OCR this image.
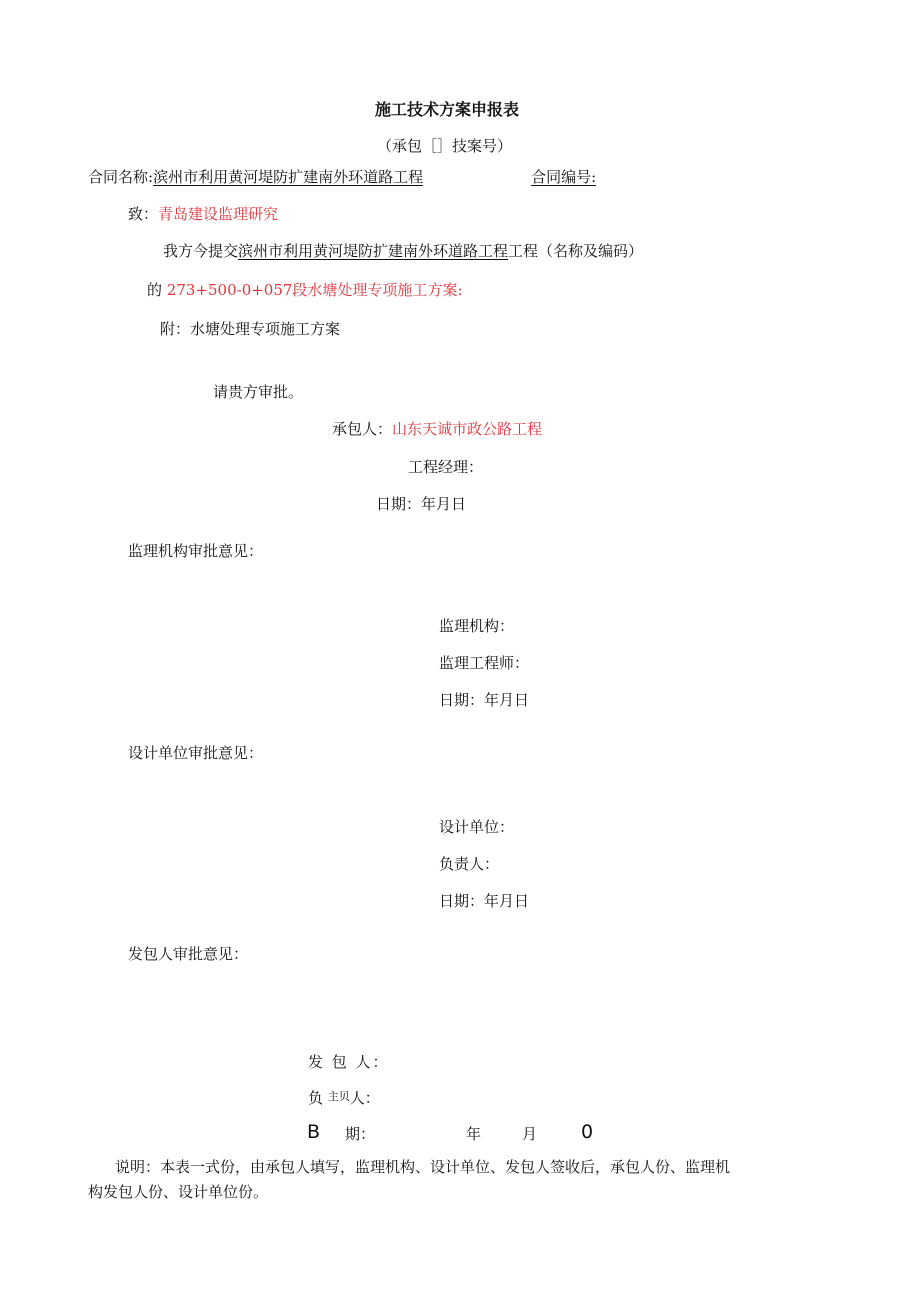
施工技术方案申报表
（承包［］技案号）
合同名称:滨州市利用黄河堤防扩建南外环道路工程	合同编号:
致：青岛建设监理研究
我方今提交滨州市利用黄河堤防扩建南外环道路工程工程（名称及编码）
的 273+500-0+057段水塘处理专项施工方案:
附：水塘处理专项施工方案
请贵方审批。
承包人：山东天诚市政公路工程
工程经理：
日期：年月日
监理机构审批意见：
监理机构：
监理工程师：
日期：年月日
设计单位审批意见：
设计单位：
负责人：
日期：年月日
发包人审批意见：
发 包 人：
负 $^{主贝}$人：
B 期：	年	月 0
说明：本表一式份，由承包人填写，监理机构、设计单位、发包人签收后，承包人份、监理机
构发包人份、设计单位份。
